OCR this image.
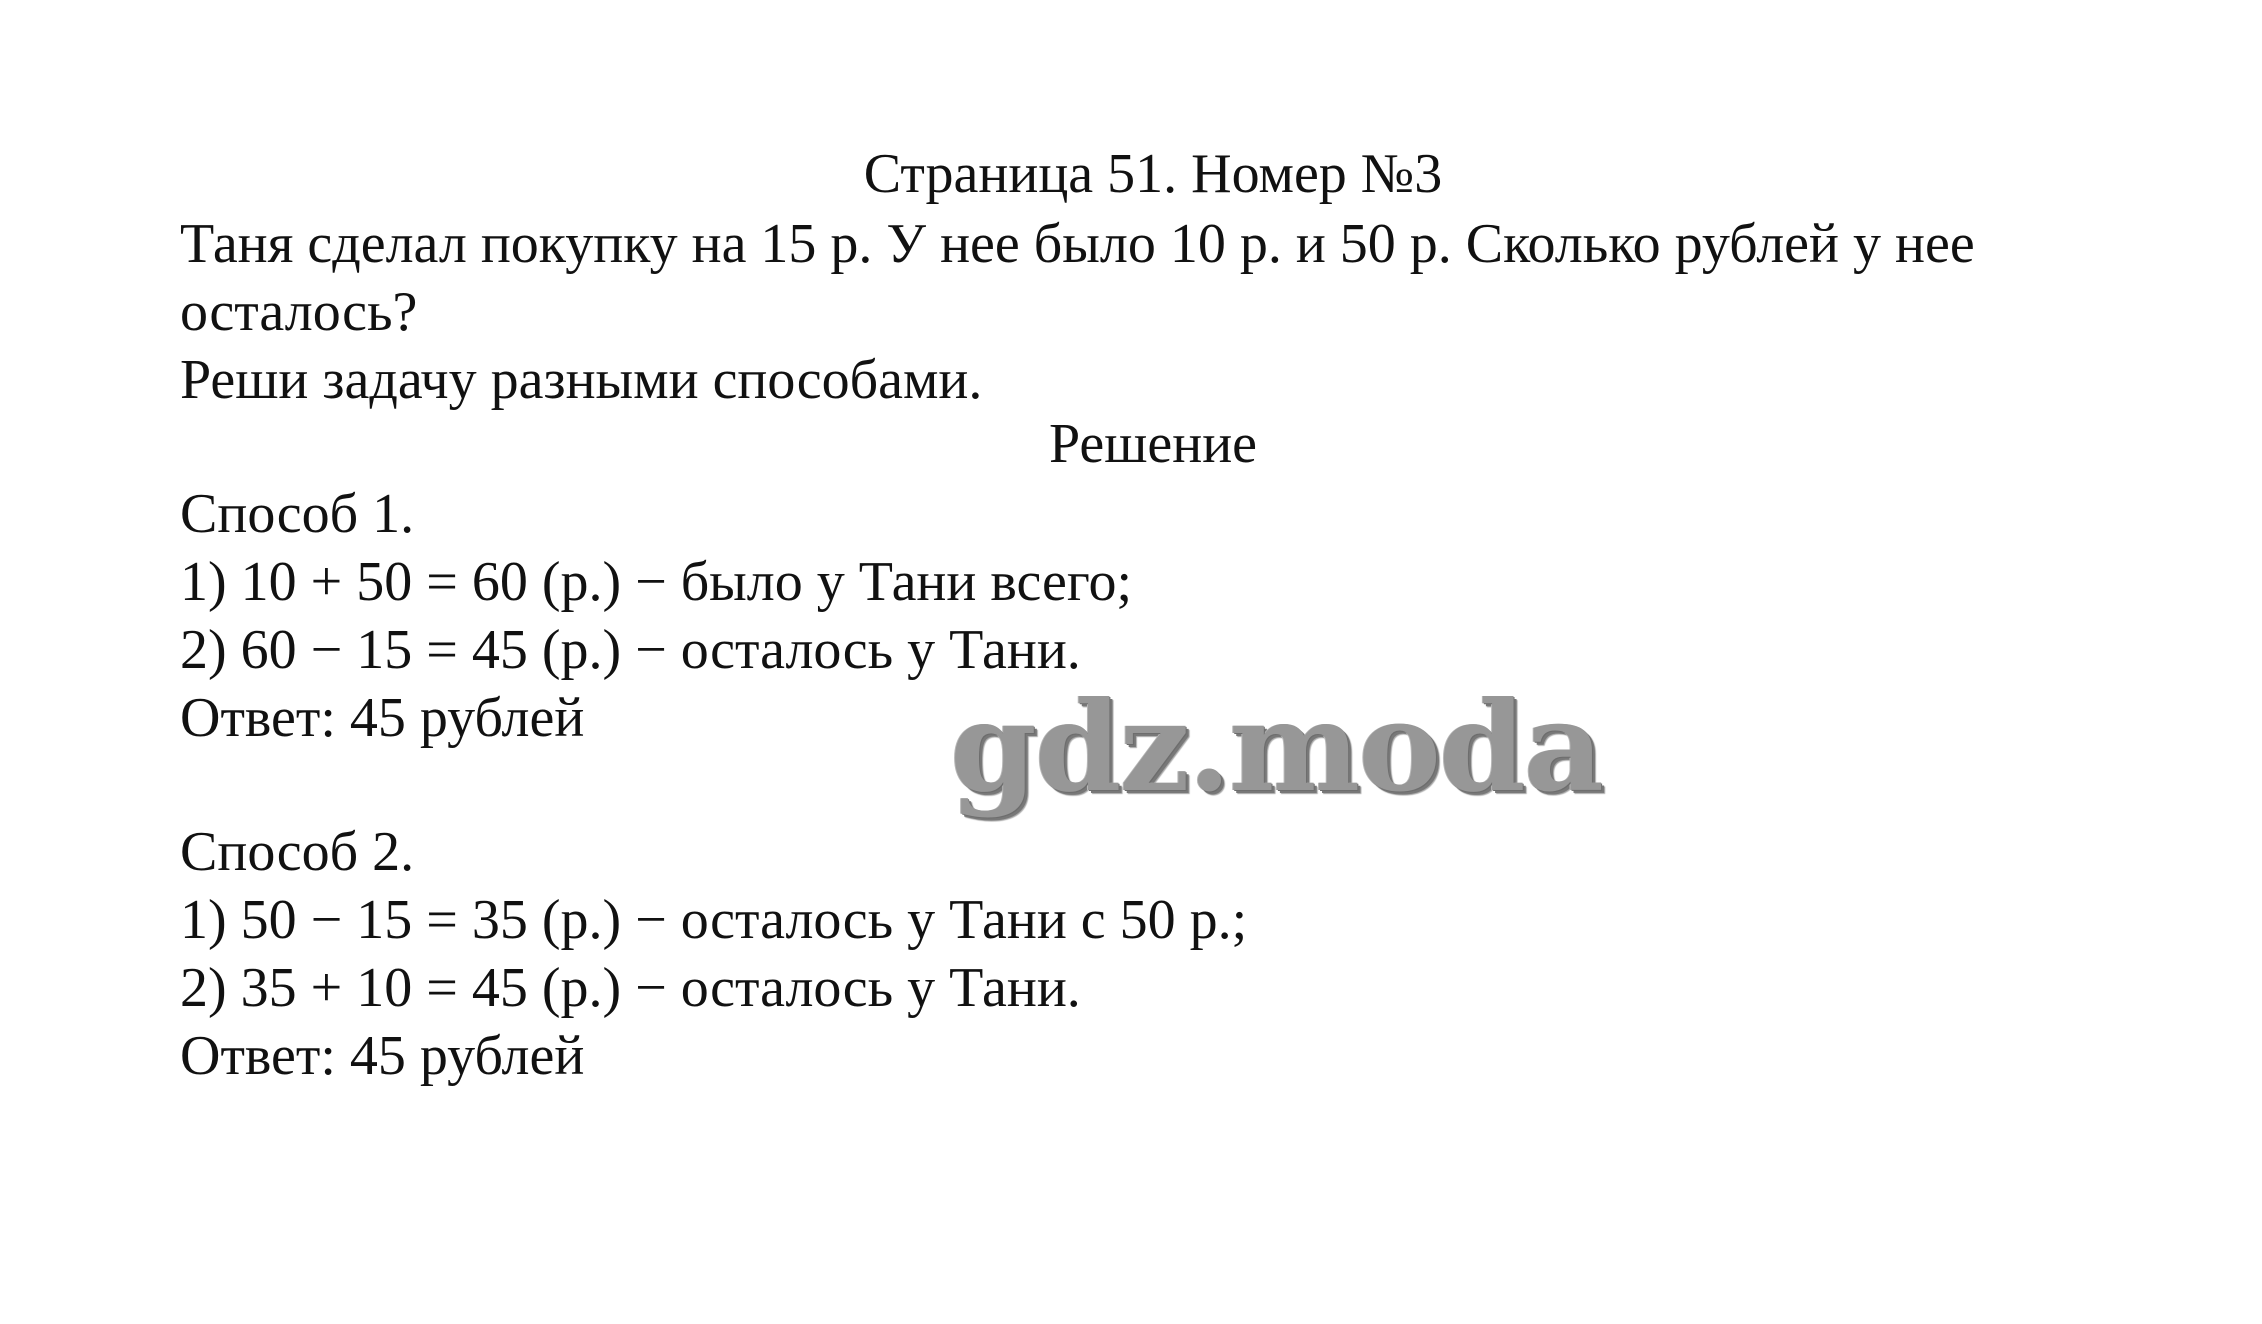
Страница 51. Номер №3

Таня сделал покупку на 15 р. У нее было 10 р. и 50 р. Сколько рублей у нее

осталось?

Реши задачу разными способами.

Решение

Способ 1.

1) 10 + 50 = 60 (р.) − было у Тани всего;

2) 60 − 15 = 45 (р.) − осталось у Тани.

Ответ: 45 рублей

Способ 2.

1) 50 − 15 = 35 (р.) − осталось у Тани с 50 р.;

2) 35 + 10 = 45 (р.) − осталось у Тани.

Ответ: 45 рублей

gdz.moda
